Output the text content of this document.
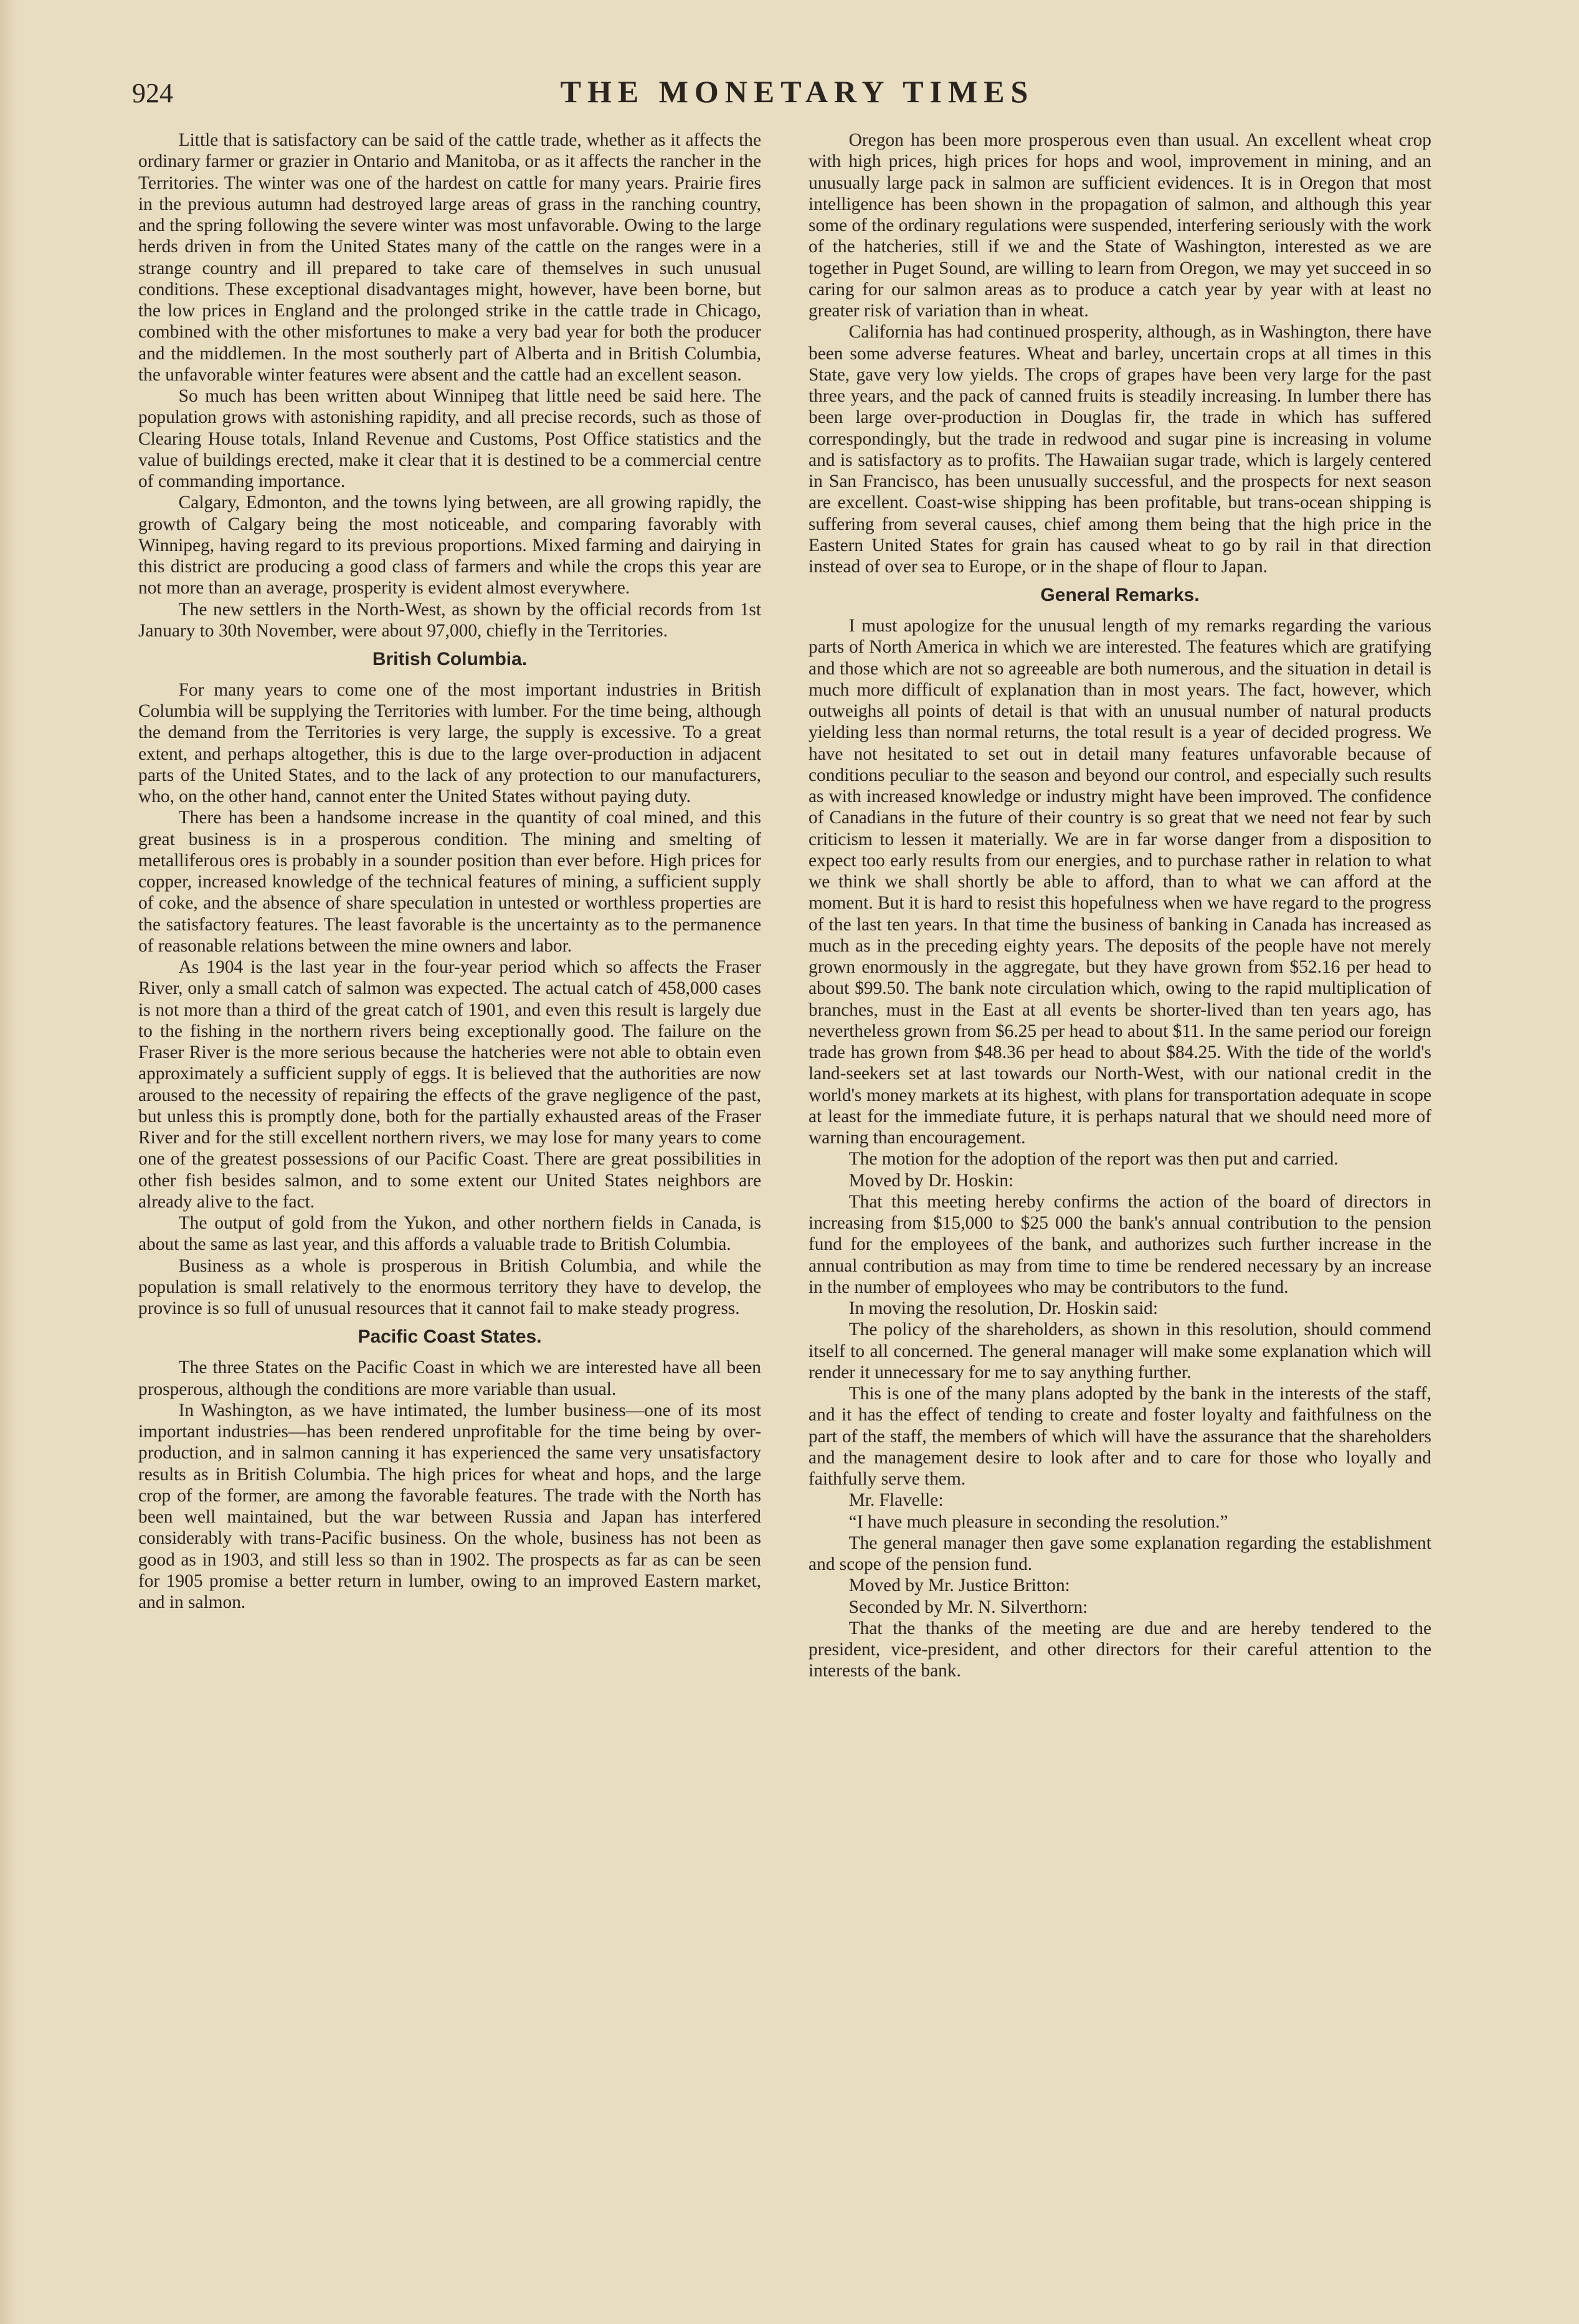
924	THE MONETARY TIMES

Little that is satisfactory can be said of the cattle trade, whether as it affects the ordinary farmer or grazier in Ontario and Manitoba, or as it affects the rancher in the Territories. The winter was one of the hardest on cattle for many years. Prairie fires in the previous autumn had destroyed large areas of grass in the ranching country, and the spring following the severe winter was most unfavorable. Owing to the large herds driven in from the United States many of the cattle on the ranges were in a strange country and ill prepared to take care of themselves in such unusual conditions. These exceptional disadvantages might, however, have been borne, but the low prices in England and the prolonged strike in the cattle trade in Chicago, combined with the other misfortunes to make a very bad year for both the producer and the middlemen. In the most southerly part of Alberta and in British Columbia, the unfavorable winter features were absent and the cattle had an excellent season.

So much has been written about Winnipeg that little need be said here. The population grows with astonishing rapidity, and all precise records, such as those of Clearing House totals, Inland Revenue and Customs, Post Office statistics and the value of buildings erected, make it clear that it is destined to be a commercial centre of commanding importance.

Calgary, Edmonton, and the towns lying between, are all growing rapidly, the growth of Calgary being the most noticeable, and comparing favorably with Winnipeg, having regard to its previous proportions. Mixed farming and dairying in this district are producing a good class of farmers and while the crops this year are not more than an average, prosperity is evident almost everywhere.

The new settlers in the North-West, as shown by the official records from 1st January to 30th November, were about 97,000, chiefly in the Territories.

British Columbia.

For many years to come one of the most important industries in British Columbia will be supplying the Territories with lumber. For the time being, although the demand from the Territories is very large, the supply is excessive. To a great extent, and perhaps altogether, this is due to the large over-production in adjacent parts of the United States, and to the lack of any protection to our manufacturers, who, on the other hand, cannot enter the United States without paying duty.

There has been a handsome increase in the quantity of coal mined, and this great business is in a prosperous condition. The mining and smelting of metalliferous ores is probably in a sounder position than ever before. High prices for copper, increased knowledge of the technical features of mining, a sufficient supply of coke, and the absence of share speculation in untested or worthless properties are the satisfactory features. The least favorable is the uncertainty as to the permanence of reasonable relations between the mine owners and labor.

As 1904 is the last year in the four-year period which so affects the Fraser River, only a small catch of salmon was expected. The actual catch of 458,000 cases is not more than a third of the great catch of 1901, and even this result is largely due to the fishing in the northern rivers being exceptionally good. The failure on the Fraser River is the more serious because the hatcheries were not able to obtain even approximately a sufficient supply of eggs. It is believed that the authorities are now aroused to the necessity of repairing the effects of the grave negligence of the past, but unless this is promptly done, both for the partially exhausted areas of the Fraser River and for the still excellent northern rivers, we may lose for many years to come one of the greatest possessions of our Pacific Coast. There are great possibilities in other fish besides salmon, and to some extent our United States neighbors are already alive to the fact.

The output of gold from the Yukon, and other northern fields in Canada, is about the same as last year, and this affords a valuable trade to British Columbia.

Business as a whole is prosperous in British Columbia, and while the population is small relatively to the enormous territory they have to develop, the province is so full of unusual resources that it cannot fail to make steady progress.

Pacific Coast States.

The three States on the Pacific Coast in which we are interested have all been prosperous, although the conditions are more variable than usual.

In Washington, as we have intimated, the lumber business—one of its most important industries—has been rendered unprofitable for the time being by over-production, and in salmon canning it has experienced the same very unsatisfactory results as in British Columbia. The high prices for wheat and hops, and the large crop of the former, are among the favorable features. The trade with the North has been well maintained, but the war between Russia and Japan has interfered considerably with trans-Pacific business. On the whole, business has not been as good as in 1903, and still less so than in 1902. The prospects as far as can be seen for 1905 promise a better return in lumber, owing to an improved Eastern market, and in salmon.

Oregon has been more prosperous even than usual. An excellent wheat crop with high prices, high prices for hops and wool, improvement in mining, and an unusually large pack in salmon are sufficient evidences. It is in Oregon that most intelligence has been shown in the propagation of salmon, and although this year some of the ordinary regulations were suspended, interfering seriously with the work of the hatcheries, still if we and the State of Washington, interested as we are together in Puget Sound, are willing to learn from Oregon, we may yet succeed in so caring for our salmon areas as to produce a catch year by year with at least no greater risk of variation than in wheat.

California has had continued prosperity, although, as in Washington, there have been some adverse features. Wheat and barley, uncertain crops at all times in this State, gave very low yields. The crops of grapes have been very large for the past three years, and the pack of canned fruits is steadily increasing. In lumber there has been large over-production in Douglas fir, the trade in which has suffered correspondingly, but the trade in redwood and sugar pine is increasing in volume and is satisfactory as to profits. The Hawaiian sugar trade, which is largely centered in San Francisco, has been unusually successful, and the prospects for next season are excellent. Coast-wise shipping has been profitable, but trans-ocean shipping is suffering from several causes, chief among them being that the high price in the Eastern United States for grain has caused wheat to go by rail in that direction instead of over sea to Europe, or in the shape of flour to Japan.

General Remarks.

I must apologize for the unusual length of my remarks regarding the various parts of North America in which we are interested. The features which are gratifying and those which are not so agreeable are both numerous, and the situation in detail is much more difficult of explanation than in most years. The fact, however, which outweighs all points of detail is that with an unusual number of natural products yielding less than normal returns, the total result is a year of decided progress. We have not hesitated to set out in detail many features unfavorable because of conditions peculiar to the season and beyond our control, and especially such results as with increased knowledge or industry might have been improved. The confidence of Canadians in the future of their country is so great that we need not fear by such criticism to lessen it materially. We are in far worse danger from a disposition to expect too early results from our energies, and to purchase rather in relation to what we think we shall shortly be able to afford, than to what we can afford at the moment. But it is hard to resist this hopefulness when we have regard to the progress of the last ten years. In that time the business of banking in Canada has increased as much as in the preceding eighty years. The deposits of the people have not merely grown enormously in the aggregate, but they have grown from $52.16 per head to about $99.50. The bank note circulation which, owing to the rapid multiplication of branches, must in the East at all events be shorter-lived than ten years ago, has nevertheless grown from $6.25 per head to about $11. In the same period our foreign trade has grown from $48.36 per head to about $84.25. With the tide of the world's land-seekers set at last towards our North-West, with our national credit in the world's money markets at its highest, with plans for transportation adequate in scope at least for the immediate future, it is perhaps natural that we should need more of warning than encouragement.

The motion for the adoption of the report was then put and carried.

Moved by Dr. Hoskin:

That this meeting hereby confirms the action of the board of directors in increasing from $15,000 to $25 000 the bank's annual contribution to the pension fund for the employees of the bank, and authorizes such further increase in the annual contribution as may from time to time be rendered necessary by an increase in the number of employees who may be contributors to the fund.

In moving the resolution, Dr. Hoskin said:

The policy of the shareholders, as shown in this resolution, should commend itself to all concerned. The general manager will make some explanation which will render it unnecessary for me to say anything further.

This is one of the many plans adopted by the bank in the interests of the staff, and it has the effect of tending to create and foster loyalty and faithfulness on the part of the staff, the members of which will have the assurance that the shareholders and the management desire to look after and to care for those who loyally and faithfully serve them.

Mr. Flavelle:

“I have much pleasure in seconding the resolution.”

The general manager then gave some explanation regarding the establishment and scope of the pension fund.

Moved by Mr. Justice Britton:

Seconded by Mr. N. Silverthorn:

That the thanks of the meeting are due and are hereby tendered to the president, vice-president, and other directors for their careful attention to the interests of the bank.
